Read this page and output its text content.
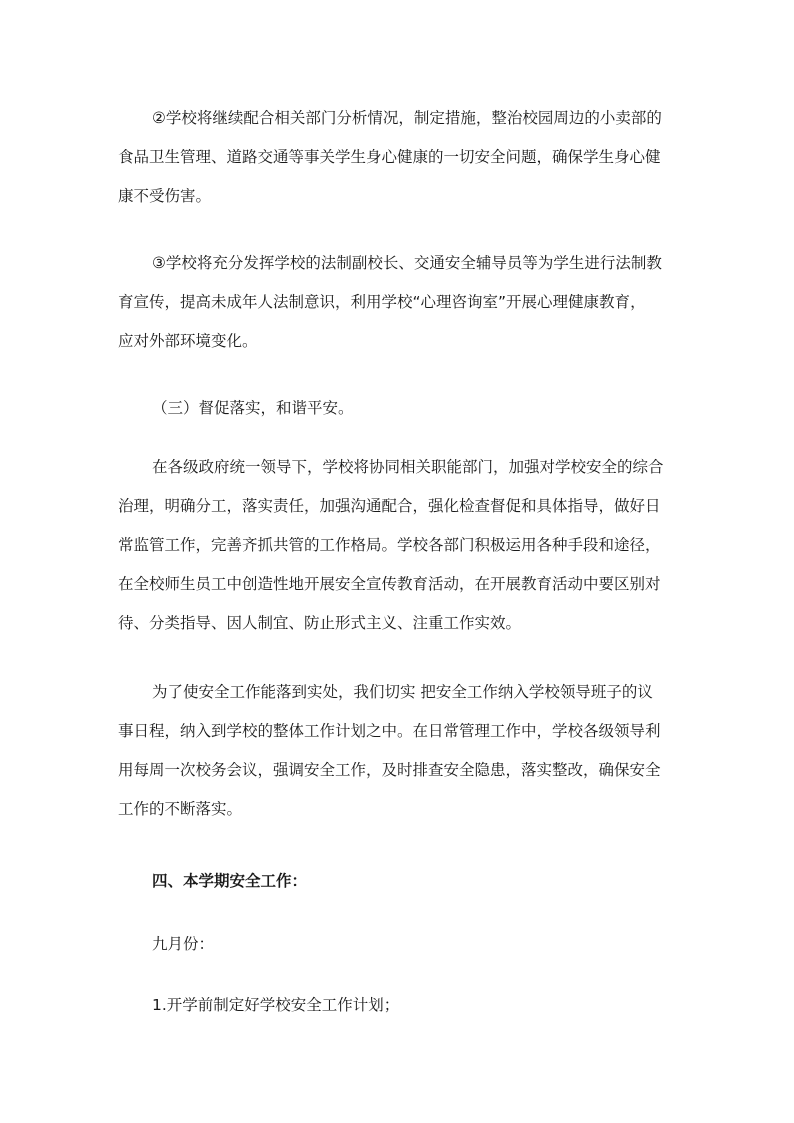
②学校将继续配合相关部门分析情况，制定措施，整治校园周边的小卖部的
食品卫生管理、道路交通等事关学生身心健康的一切安全问题，确保学生身心健
康不受伤害。

③学校将充分发挥学校的法制副校长、交通安全辅导员等为学生进行法制教
育宣传，提高未成年人法制意识，利用学校“心理咨询室”开展心理健康教育，
应对外部环境变化。

（三）督促落实，和谐平安。

在各级政府统一领导下，学校将协同相关职能部门，加强对学校安全的综合
治理，明确分工，落实责任，加强沟通配合，强化检查督促和具体指导，做好日
常监管工作，完善齐抓共管的工作格局。学校各部门积极运用各种手段和途径，
在全校师生员工中创造性地开展安全宣传教育活动，在开展教育活动中要区别对
待、分类指导、因人制宜、防止形式主义、注重工作实效。

为了使安全工作能落到实处，我们切实 把安全工作纳入学校领导班子的议
事日程，纳入到学校的整体工作计划之中。在日常管理工作中，学校各级领导利
用每周一次校务会议，强调安全工作，及时排查安全隐患，落实整改，确保安全
工作的不断落实。

四、本学期安全工作：

九月份：

1.开学前制定好学校安全工作计划；
